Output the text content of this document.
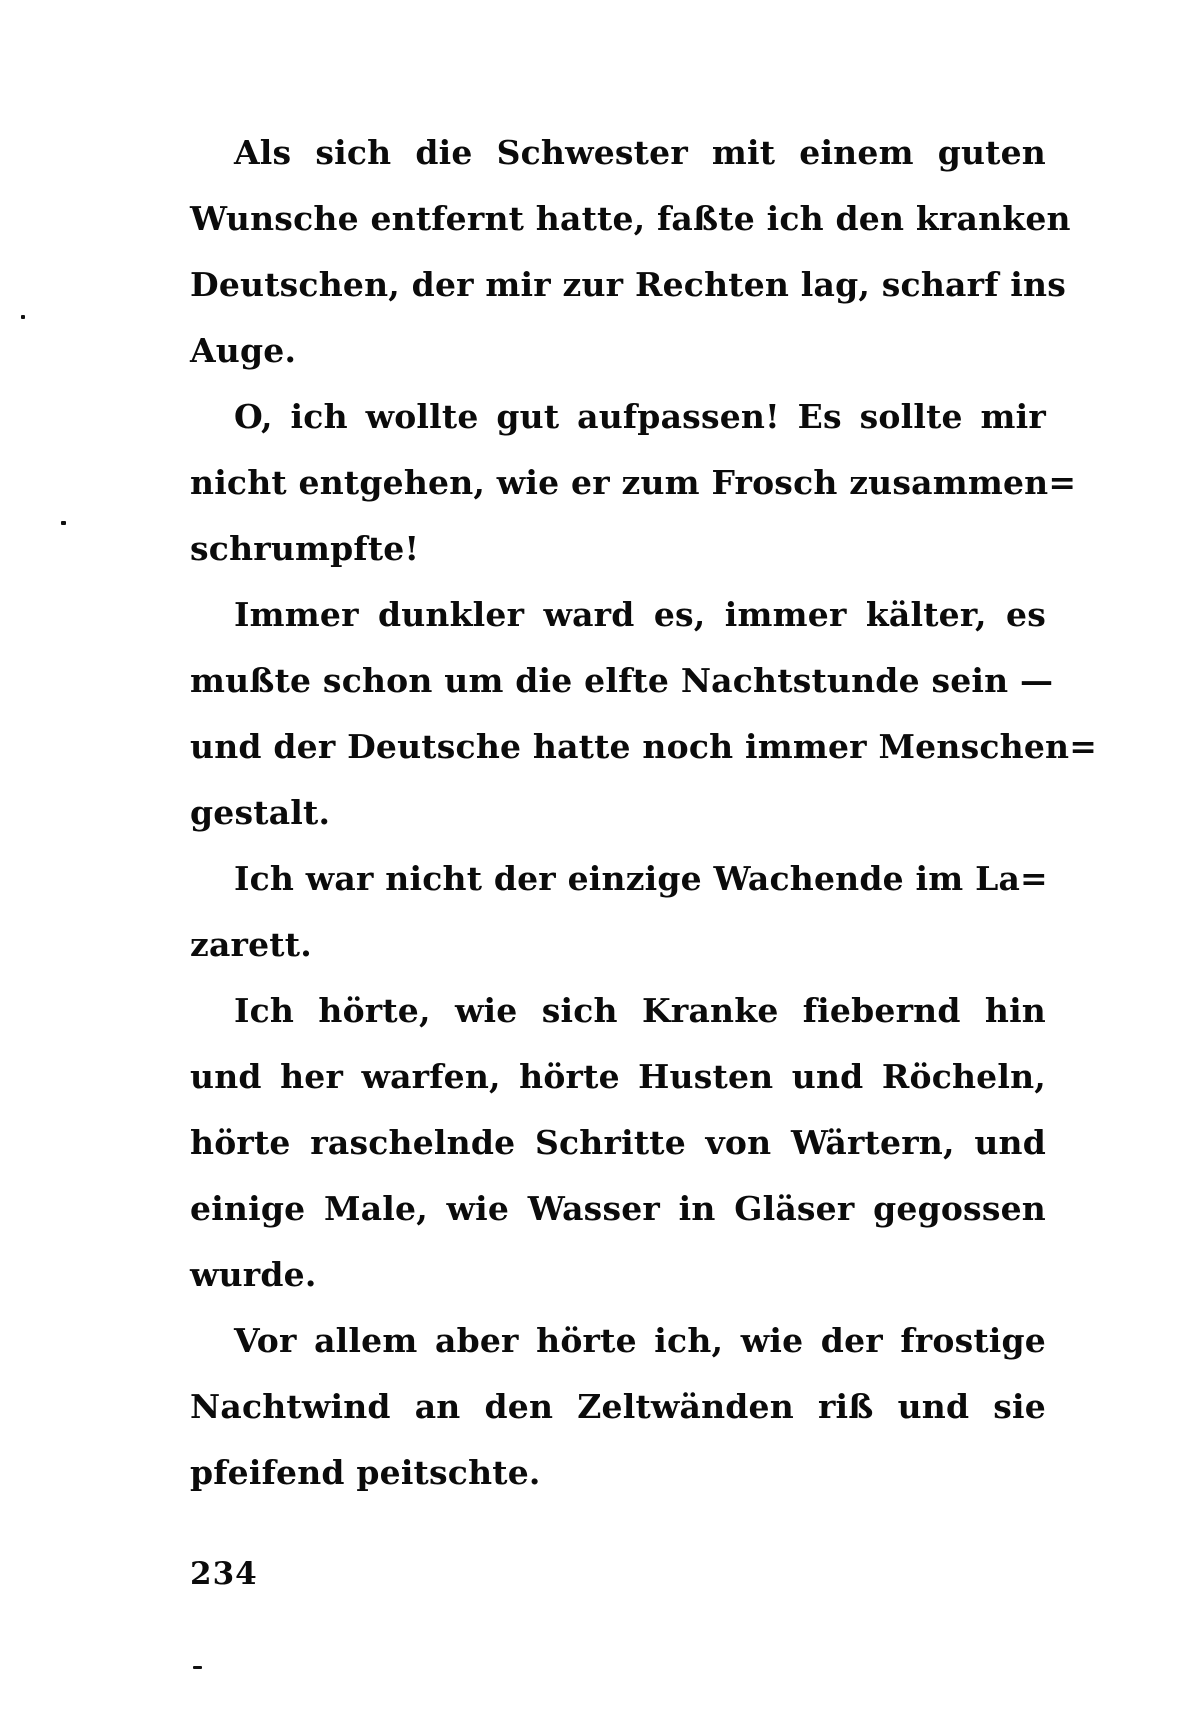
Als sich die Schwester mit einem guten
Wunsche entfernt hatte, faßte ich den kranken
Deutschen, der mir zur Rechten lag, scharf ins
Auge.
O, ich wollte gut aufpassen! Es sollte mir
nicht entgehen, wie er zum Frosch zusammen=
schrumpfte!
Immer dunkler ward es, immer kälter, es
mußte schon um die elfte Nachtstunde sein —
und der Deutsche hatte noch immer Menschen=
gestalt.
Ich war nicht der einzige Wachende im La=
zarett.
Ich hörte, wie sich Kranke fiebernd hin
und her warfen, hörte Husten und Röcheln,
hörte raschelnde Schritte von Wärtern, und
einige Male, wie Wasser in Gläser gegossen
wurde.
Vor allem aber hörte ich, wie der frostige
Nachtwind an den Zeltwänden riß und sie
pfeifend peitschte.
234
